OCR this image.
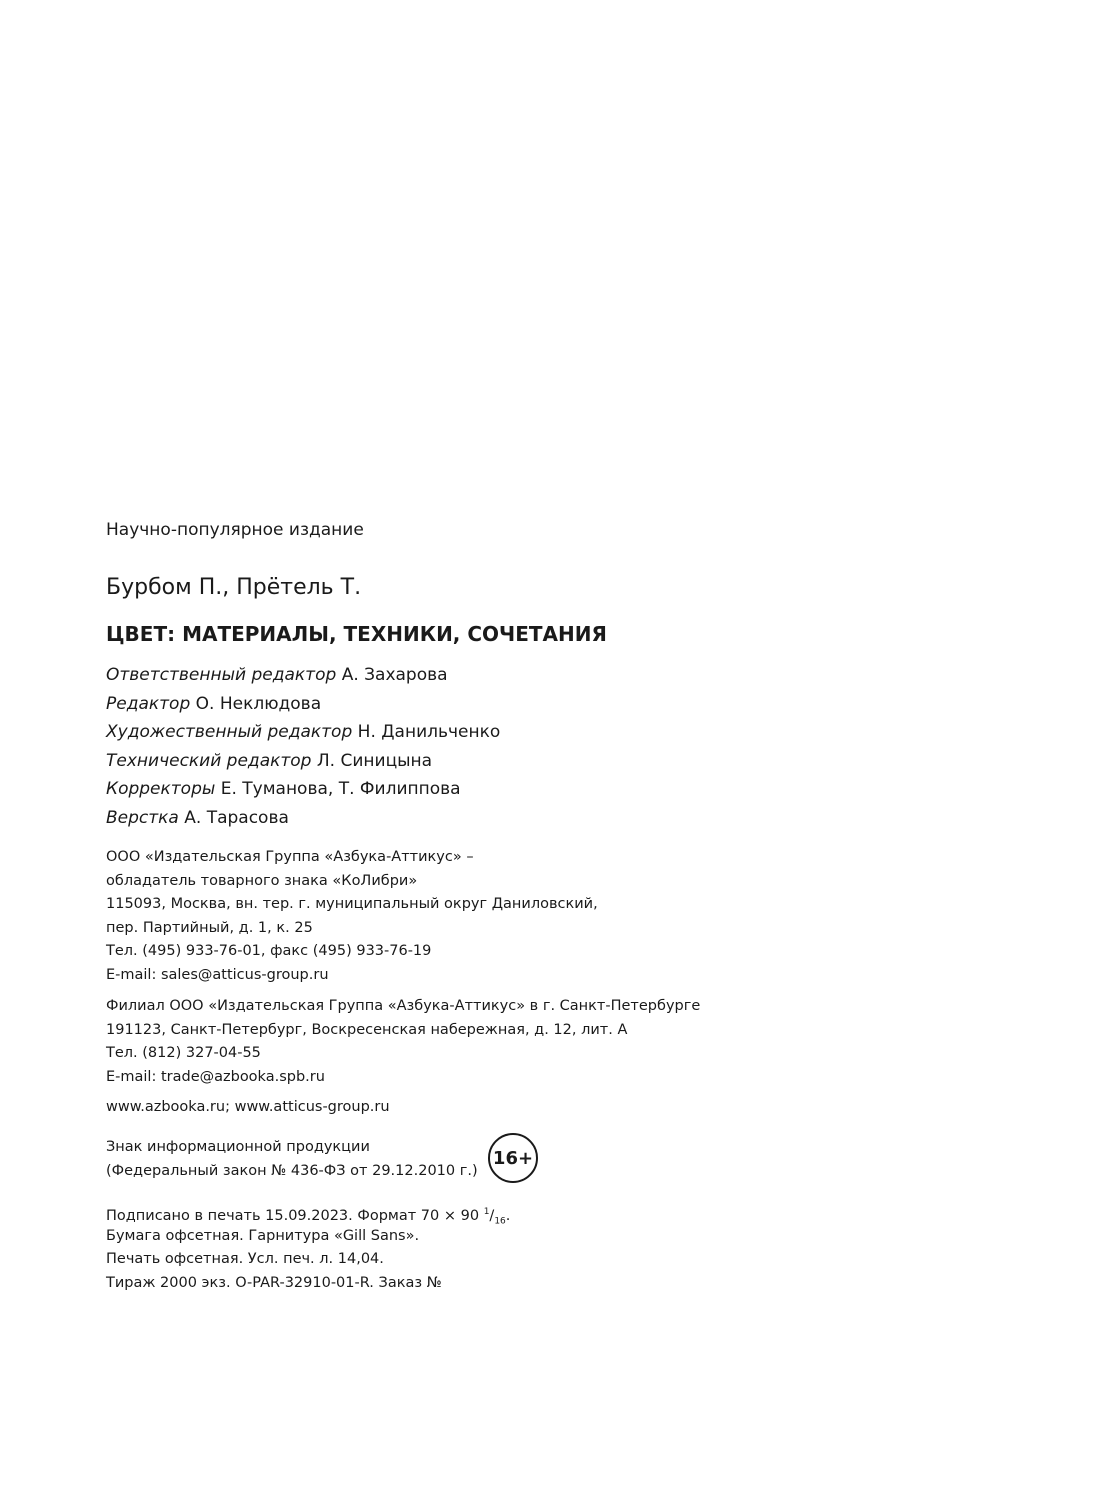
Научно-популярное издание
Бурбом П., Прётель Т.
ЦВЕТ: МАТЕРИАЛЫ, ТЕХНИКИ, СОЧЕТАНИЯ
Ответственный редактор А. Захарова
Редактор О. Неклюдова
Художественный редактор Н. Данильченко
Технический редактор Л. Синицына
Корректоры Е. Туманова, Т. Филиппова
Верстка А. Тарасова
ООО «Издательская Группа «Азбука-Аттикус» –
обладатель товарного знака «КоЛибри»
115093, Москва, вн. тер. г. муниципальный округ Даниловский,
пер. Партийный, д. 1, к. 25
Тел. (495) 933-76-01, факс (495) 933-76-19
E-mail: sales@atticus-group.ru
Филиал ООО «Издательская Группа «Азбука-Аттикус» в г. Санкт-Петербурге
191123, Санкт-Петербург, Воскресенская набережная, д. 12, лит. А
Тел. (812) 327-04-55
E-mail: trade@azbooka.spb.ru
www.azbooka.ru; www.atticus-group.ru
Знак информационной продукции
(Федеральный закон № 436-ФЗ от 29.12.2010 г.)
16+
Подписано в печать 15.09.2023. Формат 70 × 90 $^1/_{16}$.
Бумага офсетная. Гарнитура «Gill Sans».
Печать офсетная. Усл. печ. л. 14,04.
Тираж 2000 экз. O-PAR-32910-01-R. Заказ №
